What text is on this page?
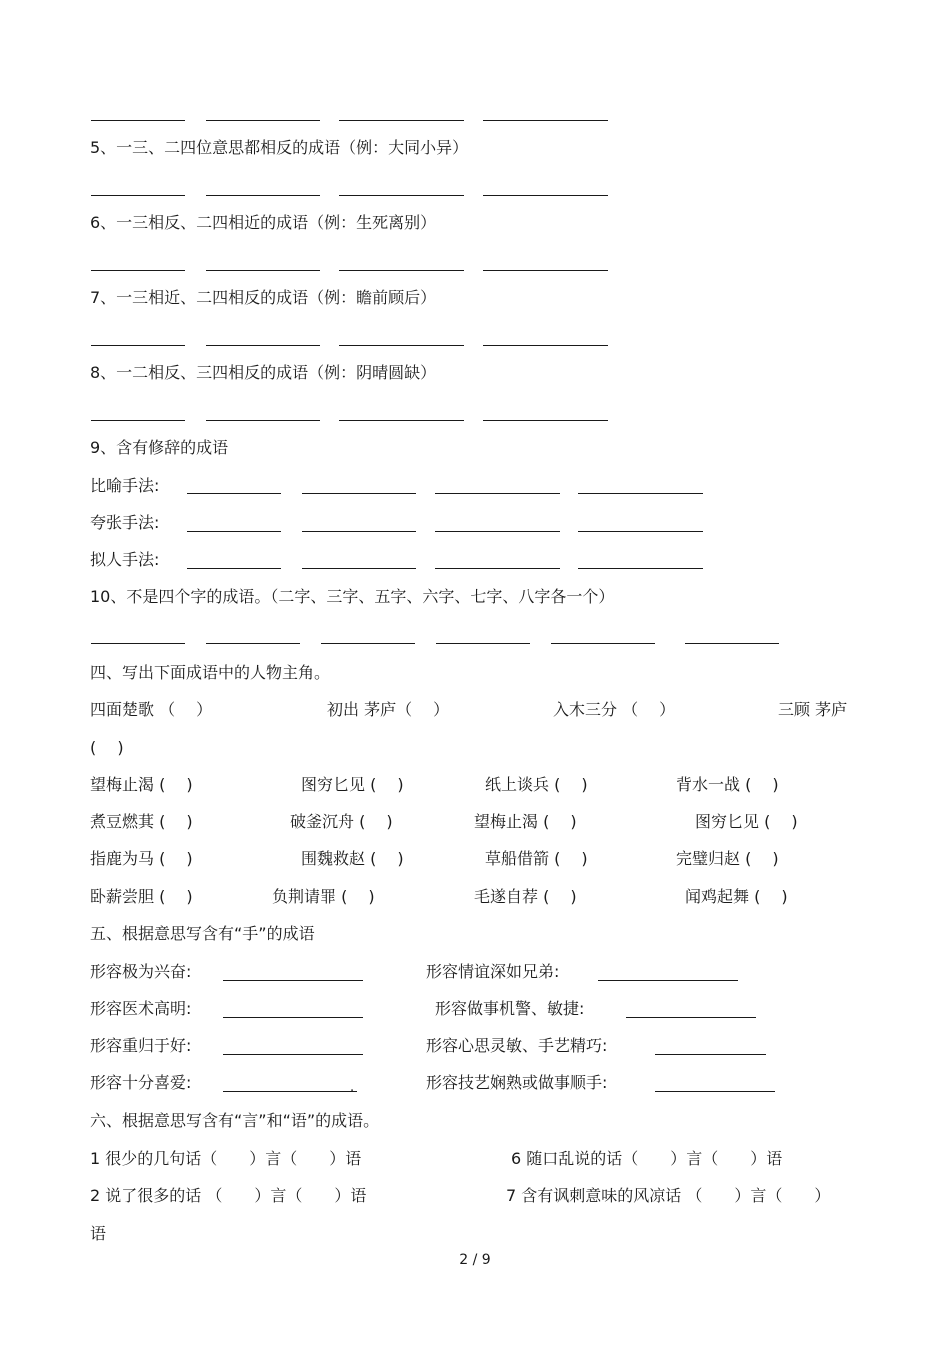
5、一三、二四位意思都相反的成语（例：大同小异）
6、一三相反、二四相近的成语（例：生死离别）
7、一三相近、二四相反的成语（例：瞻前顾后）
8、一二相反、三四相反的成语（例：阴晴圆缺）
9、含有修辞的成语
比喻手法:
夸张手法:
拟人手法:
10、不是四个字的成语。（二字、三字、五字、六字、七字、八字各一个）
四、写出下面成语中的人物主角。
四面楚歌 （　 ）	初出 茅庐（　 ）	入木三分 （　 ）	三顾 茅庐
(　 )
望梅止渴 (　 )	图穷匕见 (　 )	纸上谈兵 (　 )	背水一战 (　 )
煮豆燃萁 (　 )	破釜沉舟 (　 )	望梅止渴 (　 )	图穷匕见 (　 )
指鹿为马 (　 )	围魏救赵 (　 )	草船借箭 (　 )	完璧归赵 (　 )
卧薪尝胆 (　 )	负荆请罪 (　 )	毛遂自荐 (　 )	闻鸡起舞 (　 )
五、根据意思写含有“手”的成语
形容极为兴奋:	形容情谊深如兄弟:
形容医术高明:	形容做事机警、敏捷:
形容重归于好:	形容心思灵敏、手艺精巧:
形容十分喜爱:	.	形容技艺娴熟或做事顺手:
六、根据意思写含有“言”和“语”的成语。
1 很少的几句话（　　）言（　　）语	6 随口乱说的话（　　）言（　　）语
2 说了很多的话 （　　）言（　　）语	7 含有讽刺意味的风凉话 （　　）言（　　）
语
2 / 9
